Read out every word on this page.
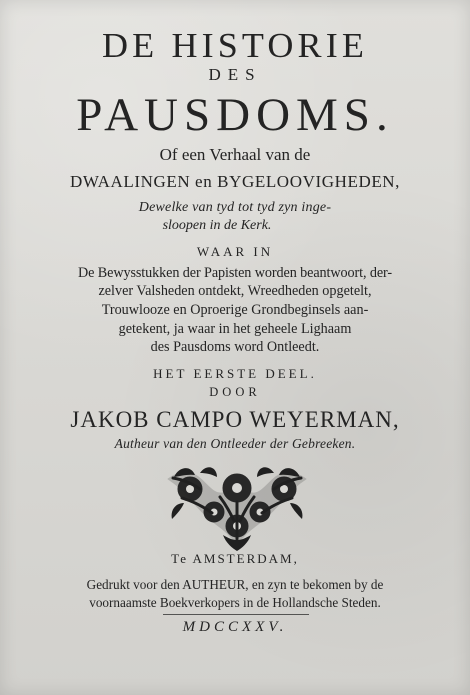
DE HISTORIE
DES
PAUSDOMS.
Of een Verhaal van de
DWAALINGEN en BYGELOOVIGHEDEN,
Dewelke van tyd tot tyd zyn inge-
sloopen in de Kerk.
WAAR IN
De Bewysstukken der Papisten worden beantwoort, der-
zelver Valsheden ontdekt, Wreedheden opgetelt,
Trouwlooze en Oproerige Grondbeginsels aan-
getekent, ja waar in het geheele Lighaam
des Pausdoms word Ontleedt.
HET EERSTE DEEL.
DOOR
JAKOB CAMPO WEYERMAN,
Autheur van den Ontleeder der Gebreeken.
Te AMSTERDAM,
Gedrukt voor den AUTHEUR, en zyn te bekomen by de
voornaamste Boekverkopers in de Hollandsche Steden.
MDCCXXV.
